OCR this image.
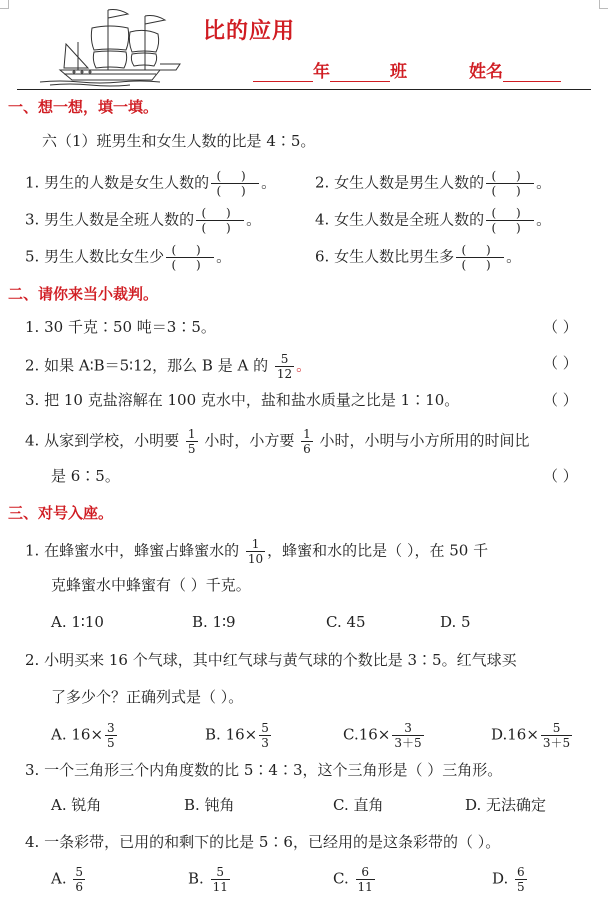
比的应用
年	班	姓名
一、想一想，填一填。
六（1）班男生和女生人数的比是 4∶5。
1. 男生的人数是女生人数的 $\frac{( )}{( )}$ 。	2. 女生人数是男生人数的 $\frac{( )}{( )}$ 。
3. 男生人数是全班人数的 $\frac{( )}{( )}$ 。	4. 女生人数是全班人数的 $\frac{( )}{( )}$ 。
5. 男生人数比女生少 $\frac{( )}{( )}$ 。	6. 女生人数比男生多 $\frac{( )}{( )}$ 。
二、请你来当小裁判。
1. 30 千克∶50 吨＝3∶5。	（ ）
2. 如果 A∶B＝5∶12，那么 B 是 A 的 $\frac{5}{12}$ 。	（ ）
3. 把 10 克盐溶解在 100 克水中，盐和盐水质量之比是 1∶10。	（ ）
4. 从家到学校，小明要 $\frac{1}{5}$ 小时，小方要 $\frac{1}{6}$ 小时，小明与小方所用的时间比
是 6∶5。	（ ）
三、对号入座。
1. 在蜂蜜水中，蜂蜜占蜂蜜水的 $\frac{1}{10}$ ，蜂蜜和水的比是（ ），在 50 千
克蜂蜜水中蜂蜜有（ ）千克。
A. 1∶10	B. 1∶9	C. 45	D. 5
2. 小明买来 16 个气球，其中红气球与黄气球的个数比是 3∶5。红气球买
了多少个？正确列式是（ ）。
A. $16\times \frac{3}{5}$	B. $16\times \frac{5}{3}$	$C.16\times \frac{3}{3+5}$	$D.16\times \frac{5}{3+5}$
3. 一个三角形三个内角度数的比 5∶4∶3，这个三角形是（ ）三角形。
A. 锐角	B. 钝角	C. 直角	D. 无法确定
4. 一条彩带，已用的和剩下的比是 5∶6，已经用的是这条彩带的（ ）。
A. $\frac{5}{6}$	B. $\frac{5}{11}$	C. $\frac{6}{11}$	D. $\frac{6}{5}$
